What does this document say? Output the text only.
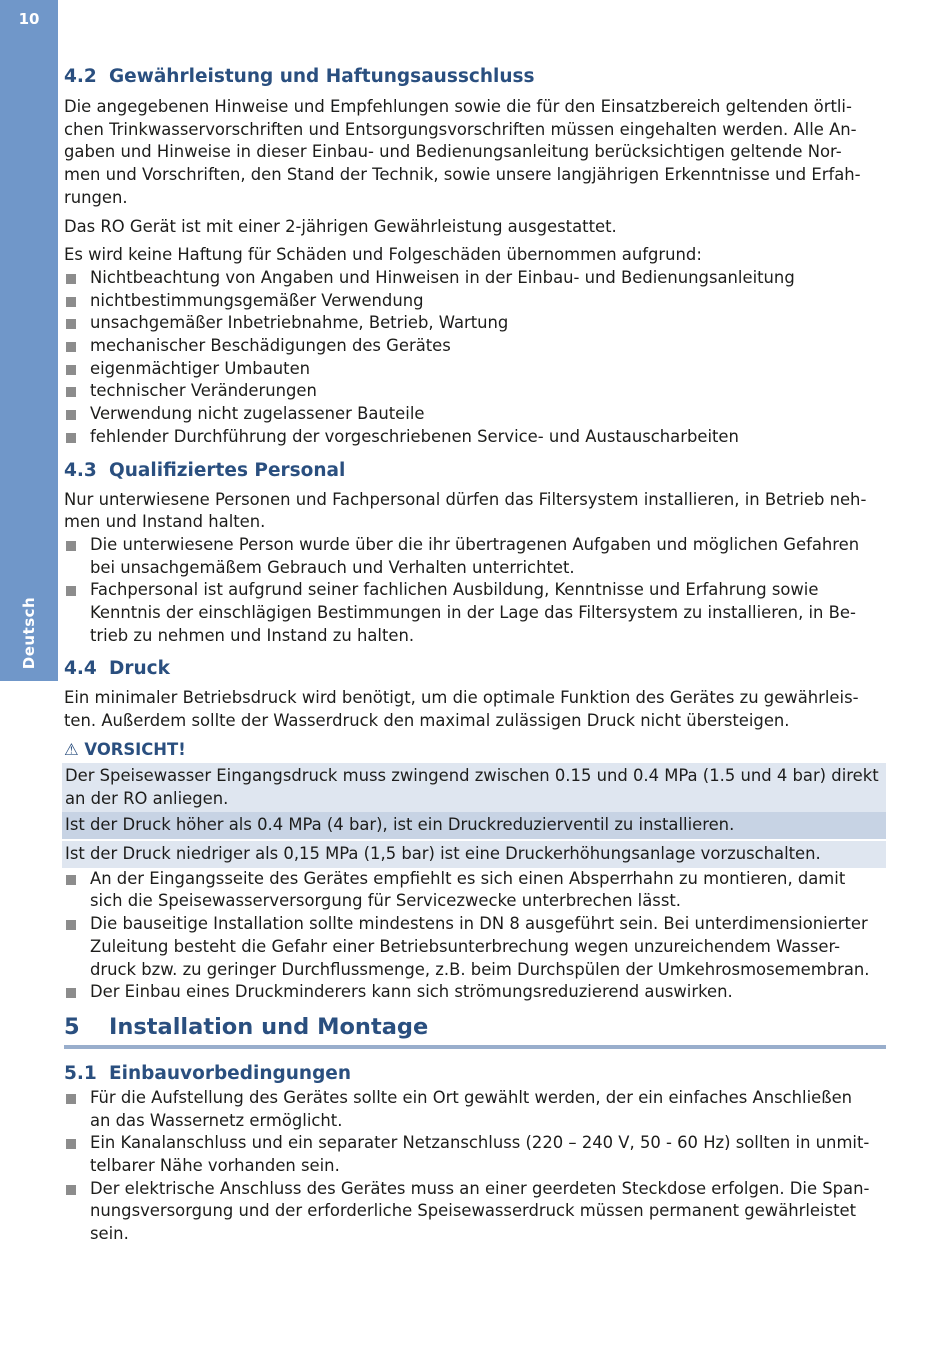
10
Deutsch
4.2 Gewährleistung und Haftungsausschluss

Die angegebenen Hinweise und Empfehlungen sowie die für den Einsatzbereich geltenden örtli-
chen Trinkwasservorschriften und Entsorgungsvorschriften müssen eingehalten werden. Alle An-
gaben und Hinweise in dieser Einbau- und Bedienungsanleitung berücksichtigen geltende Nor-
men und Vorschriften, den Stand der Technik, sowie unsere langjährigen Erkenntnisse und Erfah-
rungen.

Das RO Gerät ist mit einer 2-jährigen Gewährleistung ausgestattet.

Es wird keine Haftung für Schäden und Folgeschäden übernommen aufgrund:

Nichtbeachtung von Angaben und Hinweisen in der Einbau- und Bedienungsanleitung
nichtbestimmungsgemäßer Verwendung
unsachgemäßer Inbetriebnahme, Betrieb, Wartung
mechanischer Beschädigungen des Gerätes
eigenmächtiger Umbauten
technischer Veränderungen
Verwendung nicht zugelassener Bauteile
fehlender Durchführung der vorgeschriebenen Service- und Austauscharbeiten
4.3 Qualifiziertes Personal

Nur unterwiesene Personen und Fachpersonal dürfen das Filtersystem installieren, in Betrieb neh-
men und Instand halten.

Die unterwiesene Person wurde über die ihr übertragenen Aufgaben und möglichen Gefahren
bei unsachgemäßem Gebrauch und Verhalten unterrichtet.
Fachpersonal ist aufgrund seiner fachlichen Ausbildung, Kenntnisse und Erfahrung sowie
Kenntnis der einschlägigen Bestimmungen in der Lage das Filtersystem zu installieren, in Be-
trieb zu nehmen und Instand zu halten.
4.4 Druck

Ein minimaler Betriebsdruck wird benötigt, um die optimale Funktion des Gerätes zu gewährleis-
ten. Außerdem sollte der Wasserdruck den maximal zulässigen Druck nicht übersteigen.

⚠ VORSICHT!
Der Speisewasser Eingangsdruck muss zwingend zwischen 0.15 und 0.4 MPa (1.5 und 4 bar) direkt
an der RO anliegen.
Ist der Druck höher als 0.4 MPa (4 bar), ist ein Druckreduzierventil zu installieren.
Ist der Druck niedriger als 0,15 MPa (1,5 bar) ist eine Druckerhöhungsanlage vorzuschalten.
An der Eingangsseite des Gerätes empfiehlt es sich einen Absperrhahn zu montieren, damit
sich die Speisewasserversorgung für Servicezwecke unterbrechen lässt.
Die bauseitige Installation sollte mindestens in DN 8 ausgeführt sein. Bei unterdimensionierter
Zuleitung besteht die Gefahr einer Betriebsunterbrechung wegen unzureichendem Wasser-
druck bzw. zu geringer Durchflussmenge, z.B. beim Durchspülen der Umkehrosmosemembran.
Der Einbau eines Druckminderers kann sich strömungsreduzierend auswirken.
5	Installation und Montage
5.1 Einbauvorbedingungen
Für die Aufstellung des Gerätes sollte ein Ort gewählt werden, der ein einfaches Anschließen
an das Wassernetz ermöglicht.
Ein Kanalanschluss und ein separater Netzanschluss (220 – 240 V, 50 - 60 Hz) sollten in unmit-
telbarer Nähe vorhanden sein.
Der elektrische Anschluss des Gerätes muss an einer geerdeten Steckdose erfolgen. Die Span-
nungsversorgung und der erforderliche Speisewasserdruck müssen permanent gewährleistet
sein.
